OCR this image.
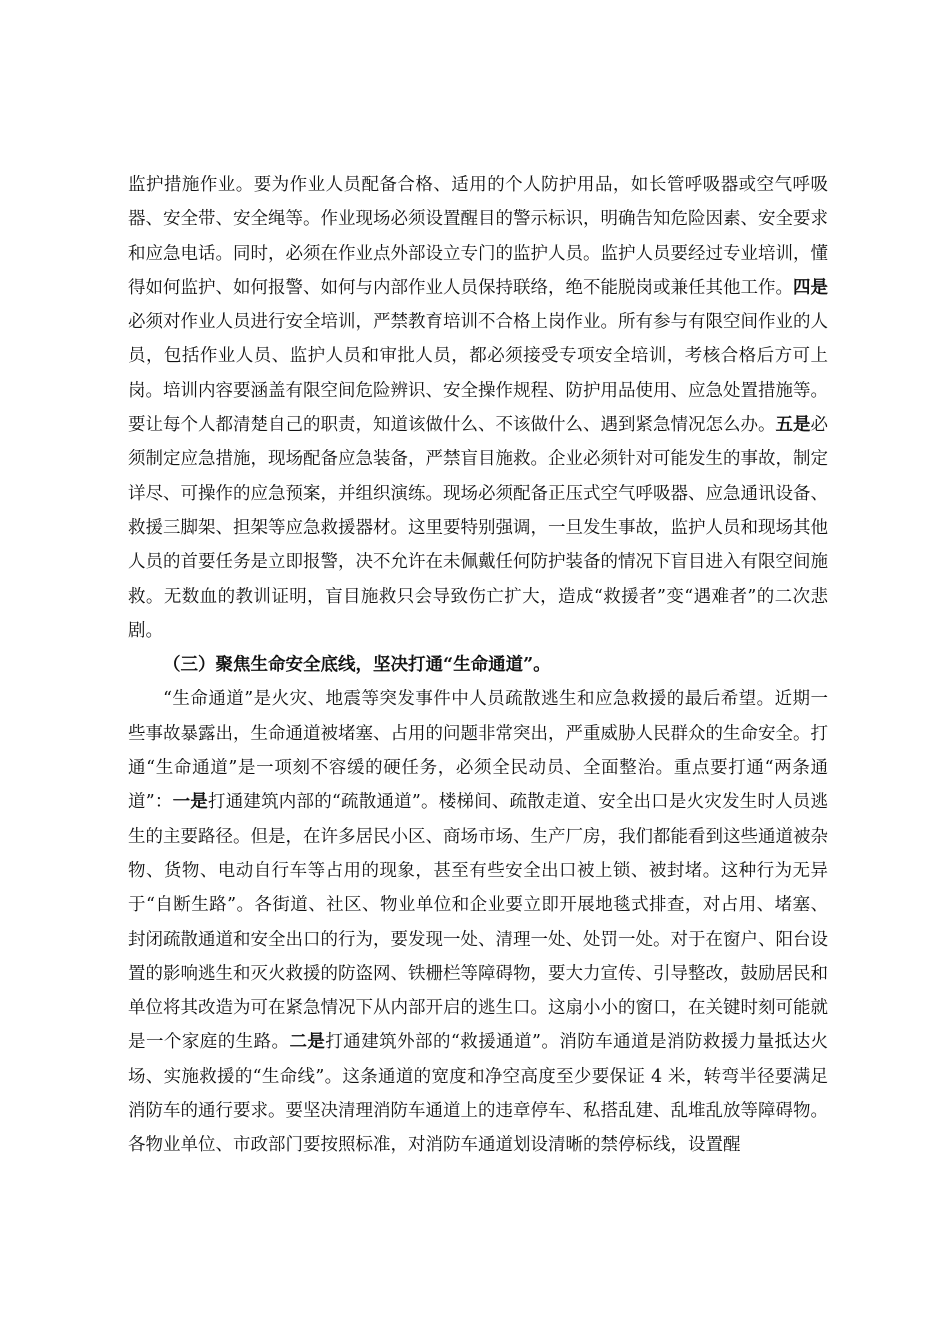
监护措施作业。要为作业人员配备合格、适用的个人防护用品，如长管呼吸器或空气呼吸器、安全带、安全绳等。作业现场必须设置醒目的警示标识，明确告知危险因素、安全要求和应急电话。同时，必须在作业点外部设立专门的监护人员。监护人员要经过专业培训，懂得如何监护、如何报警、如何与内部作业人员保持联络，绝不能脱岗或兼任其他工作。四是必须对作业人员进行安全培训，严禁教育培训不合格上岗作业。所有参与有限空间作业的人员，包括作业人员、监护人员和审批人员，都必须接受专项安全培训，考核合格后方可上岗。培训内容要涵盖有限空间危险辨识、安全操作规程、防护用品使用、应急处置措施等。要让每个人都清楚自己的职责，知道该做什么、不该做什么、遇到紧急情况怎么办。五是必须制定应急措施，现场配备应急装备，严禁盲目施救。企业必须针对可能发生的事故，制定详尽、可操作的应急预案，并组织演练。现场必须配备正压式空气呼吸器、应急通讯设备、救援三脚架、担架等应急救援器材。这里要特别强调，一旦发生事故，监护人员和现场其他人员的首要任务是立即报警，决不允许在未佩戴任何防护装备的情况下盲目进入有限空间施救。无数血的教训证明，盲目施救只会导致伤亡扩大，造成“救援者”变“遇难者”的二次悲剧。

（三）聚焦生命安全底线，坚决打通“生命通道”。

“生命通道”是火灾、地震等突发事件中人员疏散逃生和应急救援的最后希望。近期一些事故暴露出，生命通道被堵塞、占用的问题非常突出，严重威胁人民群众的生命安全。打通“生命通道”是一项刻不容缓的硬任务，必须全民动员、全面整治。重点要打通“两条通道”：一是打通建筑内部的“疏散通道”。楼梯间、疏散走道、安全出口是火灾发生时人员逃生的主要路径。但是，在许多居民小区、商场市场、生产厂房，我们都能看到这些通道被杂物、货物、电动自行车等占用的现象，甚至有些安全出口被上锁、被封堵。这种行为无异于“自断生路”。各街道、社区、物业单位和企业要立即开展地毯式排查，对占用、堵塞、封闭疏散通道和安全出口的行为，要发现一处、清理一处、处罚一处。对于在窗户、阳台设置的影响逃生和灭火救援的防盗网、铁栅栏等障碍物，要大力宣传、引导整改，鼓励居民和单位将其改造为可在紧急情况下从内部开启的逃生口。这扇小小的窗口，在关键时刻可能就是一个家庭的生路。二是打通建筑外部的“救援通道”。消防车通道是消防救援力量抵达火场、实施救援的“生命线”。这条通道的宽度和净空高度至少要保证 4 米，转弯半径要满足消防车的通行要求。要坚决清理消防车通道上的违章停车、私搭乱建、乱堆乱放等障碍物。各物业单位、市政部门要按照标准，对消防车通道划设清晰的禁停标线，设置醒
